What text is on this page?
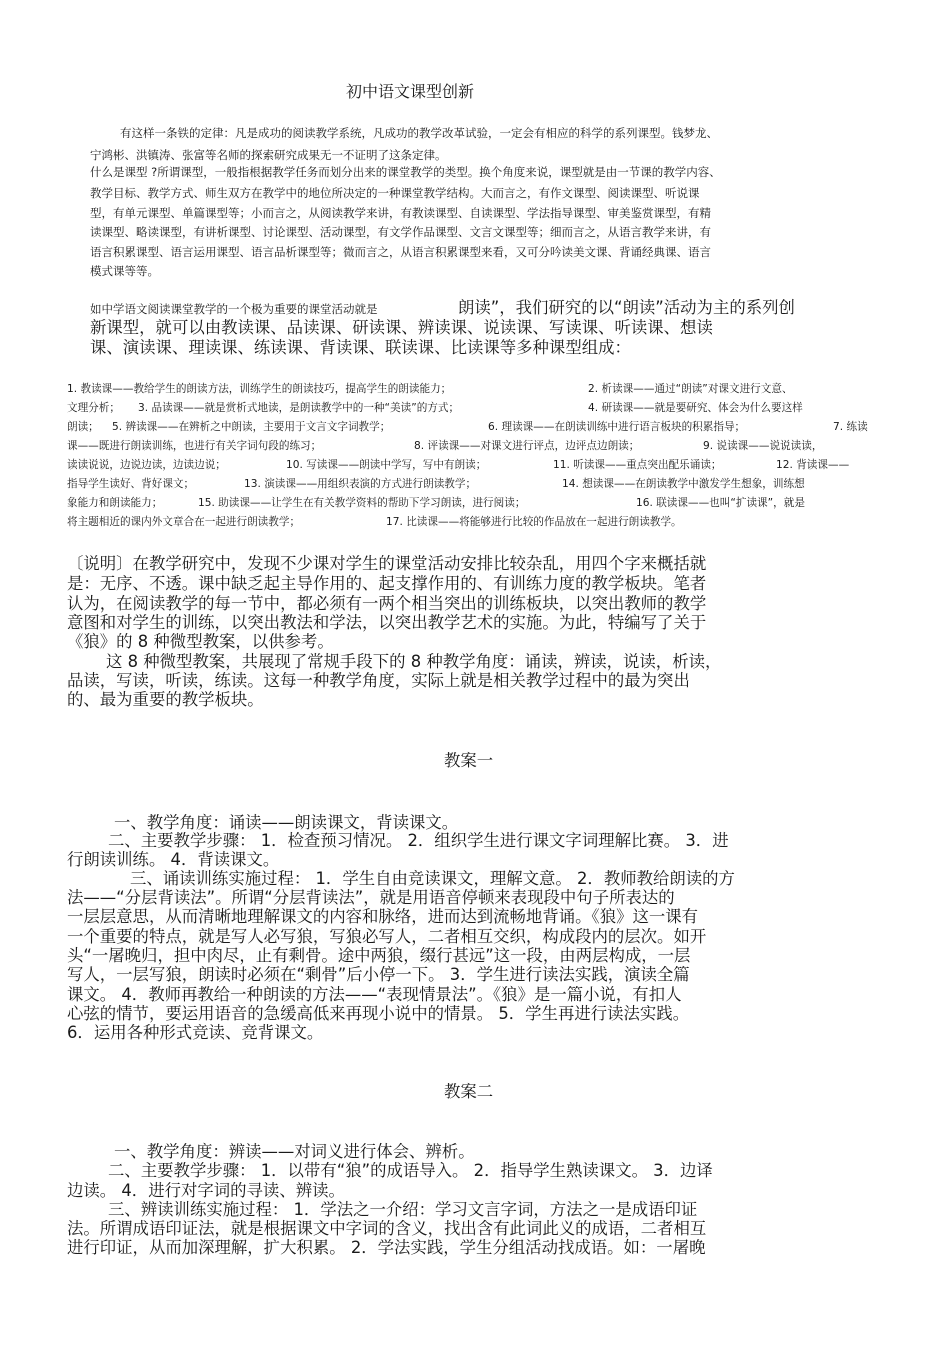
初中语文课型创新
有这样一条铁的定律：凡是成功的阅读教学系统，凡成功的教学改革试验，一定会有相应的科学的系列课型。钱梦龙、
宁鸿彬、洪镇涛、张富等名师的探索研究成果无一不证明了这条定律。
什么是课型 ?所谓课型，一般指根据教学任务而划分出来的课堂教学的类型。换个角度来说，课型就是由一节课的教学内容、
教学目标、教学方式、师生双方在教学中的地位所决定的一种课堂教学结构。大而言之，有作文课型、阅读课型、听说课
型，有单元课型、单篇课型等；小而言之，从阅读教学来讲，有教读课型、自读课型、学法指导课型、审美鉴赏课型，有精
读课型、略读课型，有讲析课型、讨论课型、活动课型，有文学作品课型、文言文课型等；细而言之，从语言教学来讲，有
语言积累课型、语言运用课型、语言品析课型等；微而言之，从语言积累课型来看，又可分吟读美文课、背诵经典课、语言
模式课等等。
如中学语文阅读课堂教学的一个极为重要的课堂活动就是	朗读”，我们研究的以“朗读”活动为主的系列创
新课型，就可以由教读课、品读课、研读课、辨读课、说读课、写读课、听读课、想读
课、演读课、理读课、练读课、背读课、联读课、比读课等多种课型组成：
1. 教读课——教给学生的朗读方法，训练学生的朗读技巧，提高学生的朗读能力；	2. 析读课——通过“朗读”对课文进行文意、
文理分析； 3. 品读课——就是赏析式地读，是朗读教学中的一种“美读”的方式；	4. 研读课——就是要研究、体会为什么要这样
朗读； 5. 辨读课——在辨析之中朗读，主要用于文言文字词教学；	6. 理读课——在朗读训练中进行语言板块的积累指导；	7. 练读
课——既进行朗读训练，也进行有关字词句段的练习；	8. 评读课——对课文进行评点，边评点边朗读；	9. 说读课——说说读读，
读读说说，边说边读，边读边说；	10. 写读课——朗读中学写，写中有朗读；	11. 听读课——重点突出配乐诵读；	12. 背读课——
指导学生读好、背好课文；	13. 演读课——用组织表演的方式进行朗读教学；	14. 想读课——在朗读教学中激发学生想象，训练想
象能力和朗读能力；	15. 助读课——让学生在有关教学资料的帮助下学习朗读，进行阅读；	16. 联读课——也叫“扩读课”，就是
将主题相近的课内外文章合在一起进行朗读教学；	17. 比读课——将能够进行比较的作品放在一起进行朗读教学。
〔说明〕在教学研究中，发现不少课对学生的课堂活动安排比较杂乱，用四个字来概括就
是：无序、不透。课中缺乏起主导作用的、起支撑作用的、有训练力度的教学板块。笔者
认为，在阅读教学的每一节中，都必须有一两个相当突出的训练板块，以突出教师的教学
意图和对学生的训练，以突出教法和学法，以突出教学艺术的实施。为此，特编写了关于
《狼》的 8 种微型教案，以供参考。
这 8 种微型教案，共展现了常规手段下的 8 种教学角度：诵读，辨读，说读，析读，
品读，写读，听读，练读。这每一种教学角度，实际上就是相关教学过程中的最为突出
的、最为重要的教学板块。
教案一
一、教学角度：诵读——朗读课文，背读课文。
二、主要教学步骤： 1．检查预习情况。 2．组织学生进行课文字词理解比赛。 3．进
行朗读训练。 4．背读课文。
三、诵读训练实施过程： 1．学生自由竞读课文，理解文意。 2．教师教给朗读的方
法——“分层背读法”。所谓“分层背读法”，就是用语音停顿来表现段中句子所表达的
一层层意思，从而清晰地理解课文的内容和脉络，进而达到流畅地背诵。《狼》这一课有
一个重要的特点，就是写人必写狼，写狼必写人，二者相互交织，构成段内的层次。如开
头“一屠晚归，担中肉尽，止有剩骨。途中两狼，缀行甚远”这一段，由两层构成，一层
写人，一层写狼，朗读时必须在“剩骨”后小停一下。 3．学生进行读法实践，演读全篇
课文。 4．教师再教给一种朗读的方法——“表现情景法”。《狼》是一篇小说，有扣人
心弦的情节，要运用语音的急缓高低来再现小说中的情景。 5．学生再进行读法实践。
6．运用各种形式竞读、竞背课文。
教案二
一、教学角度：辨读——对词义进行体会、辨析。
二、主要教学步骤： 1．以带有“狼”的成语导入。 2．指导学生熟读课文。 3．边译
边读。 4．进行对字词的寻读、辨读。
三、辨读训练实施过程： 1．学法之一介绍：学习文言字词，方法之一是成语印证
法。所谓成语印证法，就是根据课文中字词的含义，找出含有此词此义的成语，二者相互
进行印证，从而加深理解，扩大积累。 2．学法实践，学生分组活动找成语。如：一屠晚
